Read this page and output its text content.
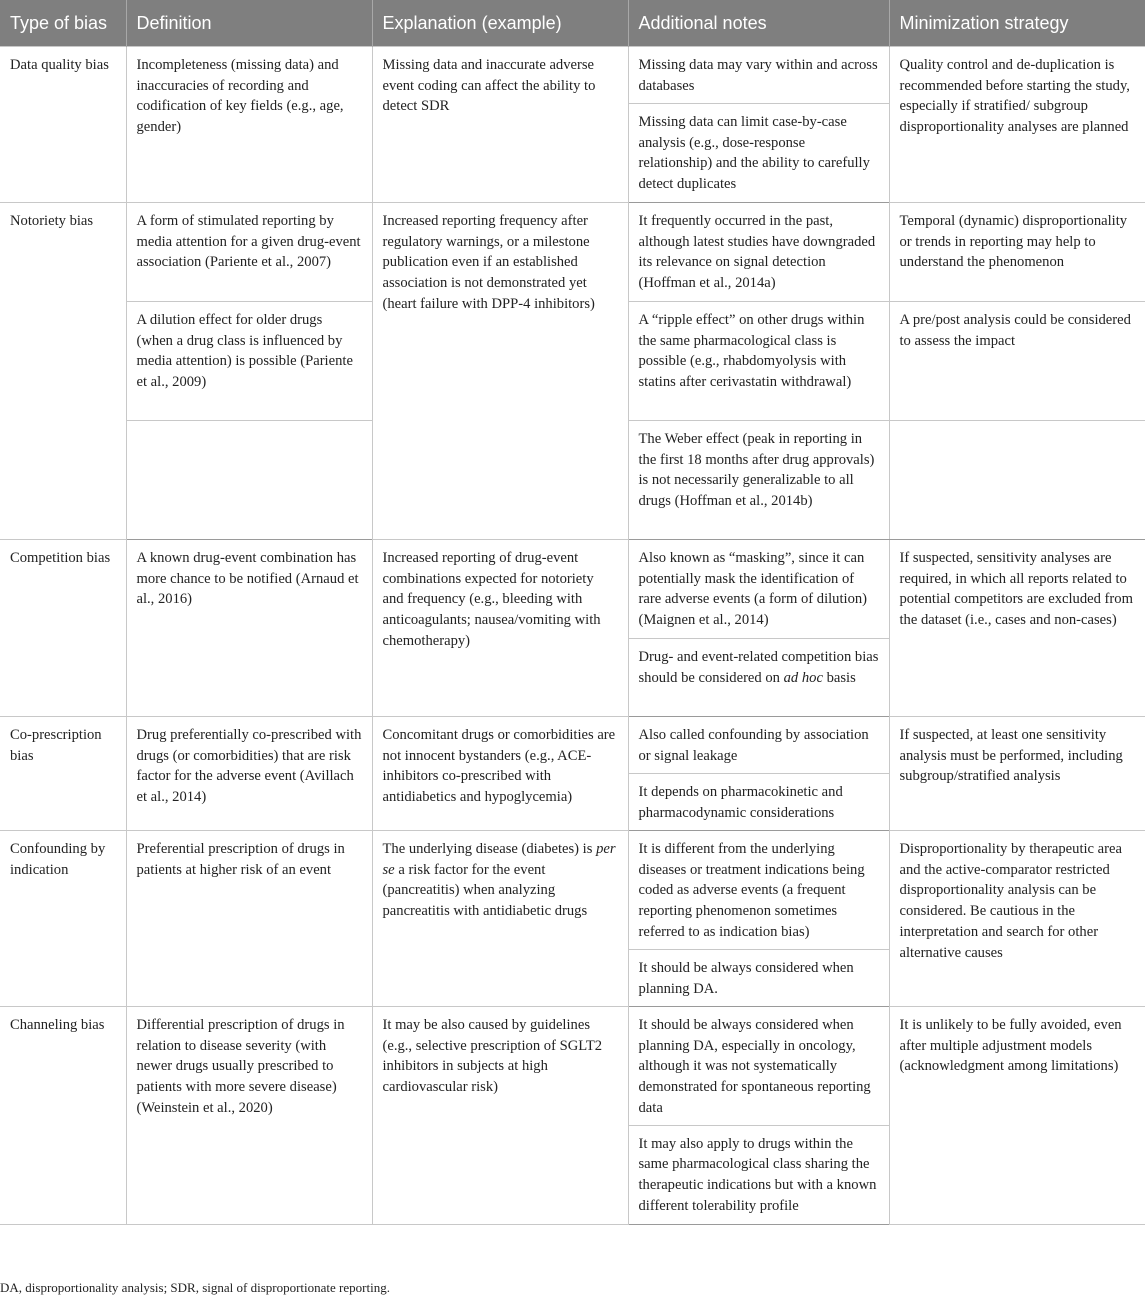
Type of bias	Definition	Explanation (example)	Additional notes	Minimization strategy
Data quality bias	Incompleteness (missing data) and inaccuracies of recording and codification of key fields (e.g., age, gender)	Missing data and inaccurate adverse event coding can affect the ability to detect SDR	Missing data may vary within and across databases	Quality control and de-duplication is recommended before starting the study, especially if stratified/ subgroup disproportionality analyses are planned
			Missing data can limit case-by-case analysis (e.g., dose-response relationship) and the ability to carefully detect duplicates	
Notoriety bias	A form of stimulated reporting by media attention for a given drug-event association (Pariente et al., 2007)	Increased reporting frequency after regulatory warnings, or a milestone publication even if an established association is not demonstrated yet (heart failure with DPP-4 inhibitors)	It frequently occurred in the past, although latest studies have downgraded its relevance on signal detection (Hoffman et al., 2014a)	Temporal (dynamic) disproportionality or trends in reporting may help to understand the phenomenon
	A dilution effect for older drugs (when a drug class is influenced by media attention) is possible (Pariente et al., 2009)		A “ripple effect” on other drugs within the same pharmacological class is possible (e.g., rhabdomyolysis with statins after cerivastatin withdrawal)	A pre/post analysis could be considered to assess the impact
			The Weber effect (peak in reporting in the first 18 months after drug approvals) is not necessarily generalizable to all drugs (Hoffman et al., 2014b)	
Competition bias	A known drug-event combination has more chance to be notified (Arnaud et al., 2016)	Increased reporting of drug-event combinations expected for notoriety and frequency (e.g., bleeding with anticoagulants; nausea/vomiting with chemotherapy)	Also known as “masking”, since it can potentially mask the identification of rare adverse events (a form of dilution) (Maignen et al., 2014)	If suspected, sensitivity analyses are required, in which all reports related to potential competitors are excluded from the dataset (i.e., cases and non-cases)
			Drug- and event-related competition bias should be considered on ad hoc basis	
Co-prescription bias	Drug preferentially co-prescribed with drugs (or comorbidities) that are risk factor for the adverse event (Avillach et al., 2014)	Concomitant drugs or comorbidities are not innocent bystanders (e.g., ACE-inhibitors co-prescribed with antidiabetics and hypoglycemia)	Also called confounding by association or signal leakage	If suspected, at least one sensitivity analysis must be performed, including subgroup/stratified analysis
			It depends on pharmacokinetic and pharmacodynamic considerations	
Confounding by indication	Preferential prescription of drugs in patients at higher risk of an event	The underlying disease (diabetes) is per se a risk factor for the event (pancreatitis) when analyzing pancreatitis with antidiabetic drugs	It is different from the underlying diseases or treatment indications being coded as adverse events (a frequent reporting phenomenon sometimes referred to as indication bias)	Disproportionality by therapeutic area and the active-comparator restricted disproportionality analysis can be considered. Be cautious in the interpretation and search for other alternative causes
			It should be always considered when planning DA.	
Channeling bias	Differential prescription of drugs in relation to disease severity (with newer drugs usually prescribed to patients with more severe disease) (Weinstein et al., 2020)	It may be also caused by guidelines (e.g., selective prescription of SGLT2 inhibitors in subjects at high cardiovascular risk)	It should be always considered when planning DA, especially in oncology, although it was not systematically demonstrated for spontaneous reporting data	It is unlikely to be fully avoided, even after multiple adjustment models (acknowledgment among limitations)
			It may also apply to drugs within the same pharmacological class sharing the therapeutic indications but with a known different tolerability profile	
DA, disproportionality analysis; SDR, signal of disproportionate reporting.
